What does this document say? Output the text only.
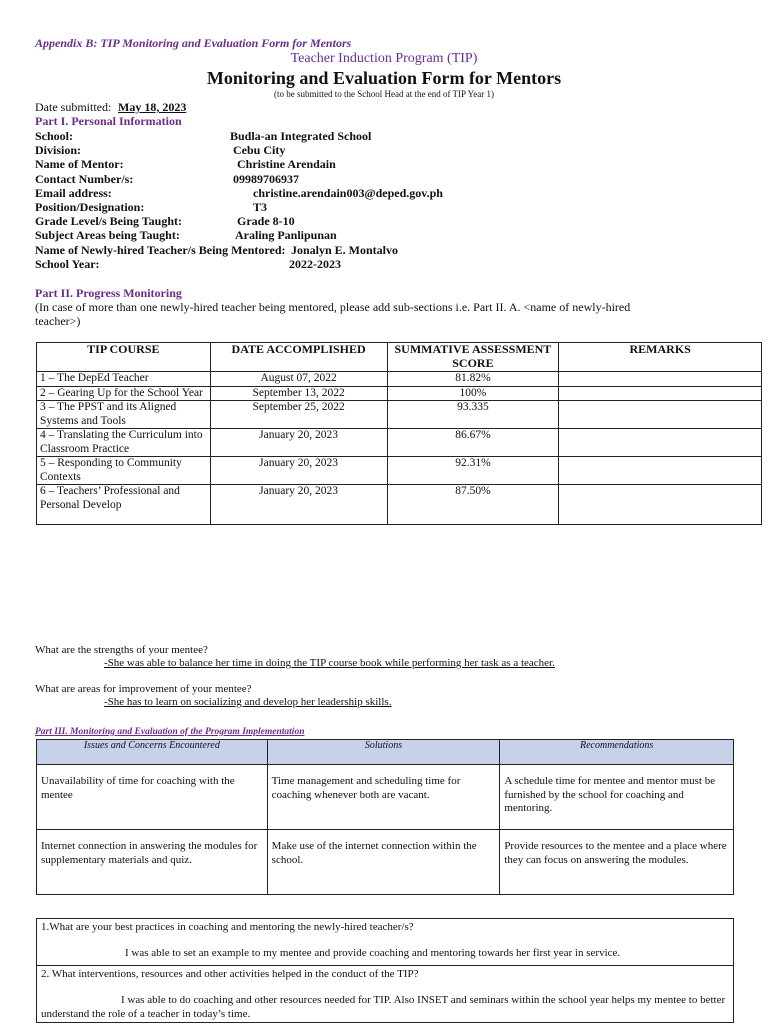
Appendix B: TIP Monitoring and Evaluation Form for Mentors
Teacher Induction Program (TIP)
Monitoring and Evaluation Form for Mentors
(to be submitted to the School Head at the end of TIP Year 1)
Date submitted: May 18, 2023
Part I. Personal Information
School:	Budla-an Integrated School
Division:	Cebu City
Name of Mentor:	Christine Arendain
Contact Number/s:	09989706937
Email address:	christine.arendain003@deped.gov.ph
Position/Designation:	T3
Grade Level/s Being Taught:	Grade 8-10
Subject Areas being Taught:	Araling Panlipunan
Name of Newly-hired Teacher/s Being Mentored: Jonalyn E. Montalvo
School Year:	2022-2023
Part II. Progress Monitoring
(In case of more than one newly-hired teacher being mentored, please add sub-sections i.e. Part II. A. <name of newly-hired teacher>)
TIP COURSE	DATE ACCOMPLISHED	SUMMATIVE ASSESSMENT SCORE	REMARKS
1 – The DepEd Teacher	August 07, 2022	81.82%	
2 – Gearing Up for the School Year	September 13, 2022	100%	
3 – The PPST and its Aligned Systems and Tools	September 25, 2022	93.335	
4 – Translating the Curriculum into Classroom Practice	January 20, 2023	86.67%	
5 – Responding to Community Contexts	January 20, 2023	92.31%	
6 – Teachers’ Professional and Personal Develop	January 20, 2023	87.50%	
What are the strengths of your mentee?
-She was able to balance her time in doing the TIP course book while performing her task as a teacher.
What are areas for improvement of your mentee?
-She has to learn on socializing and develop her leadership skills.
Part III. Monitoring and Evaluation of the Program Implementation
Issues and Concerns Encountered	Solutions	Recommendations
Unavailability of time for coaching with the mentee	Time management and scheduling time for coaching whenever both are vacant.	A schedule time for mentee and mentor must be furnished by the school for coaching and mentoring.
Internet connection in answering the modules for supplementary materials and quiz.	Make use of the internet connection within the school.	Provide resources to the mentee and a place where they can focus on answering the modules.
1.What are your best practices in coaching and mentoring the newly-hired teacher/s?
I was able to set an example to my mentee and provide coaching and mentoring towards her first year in service.

2. What interventions, resources and other activities helped in the conduct of the TIP?
I was able to do coaching and other resources needed for TIP. Also INSET and seminars within the school year helps my mentee to better understand the role of a teacher in today’s time.
